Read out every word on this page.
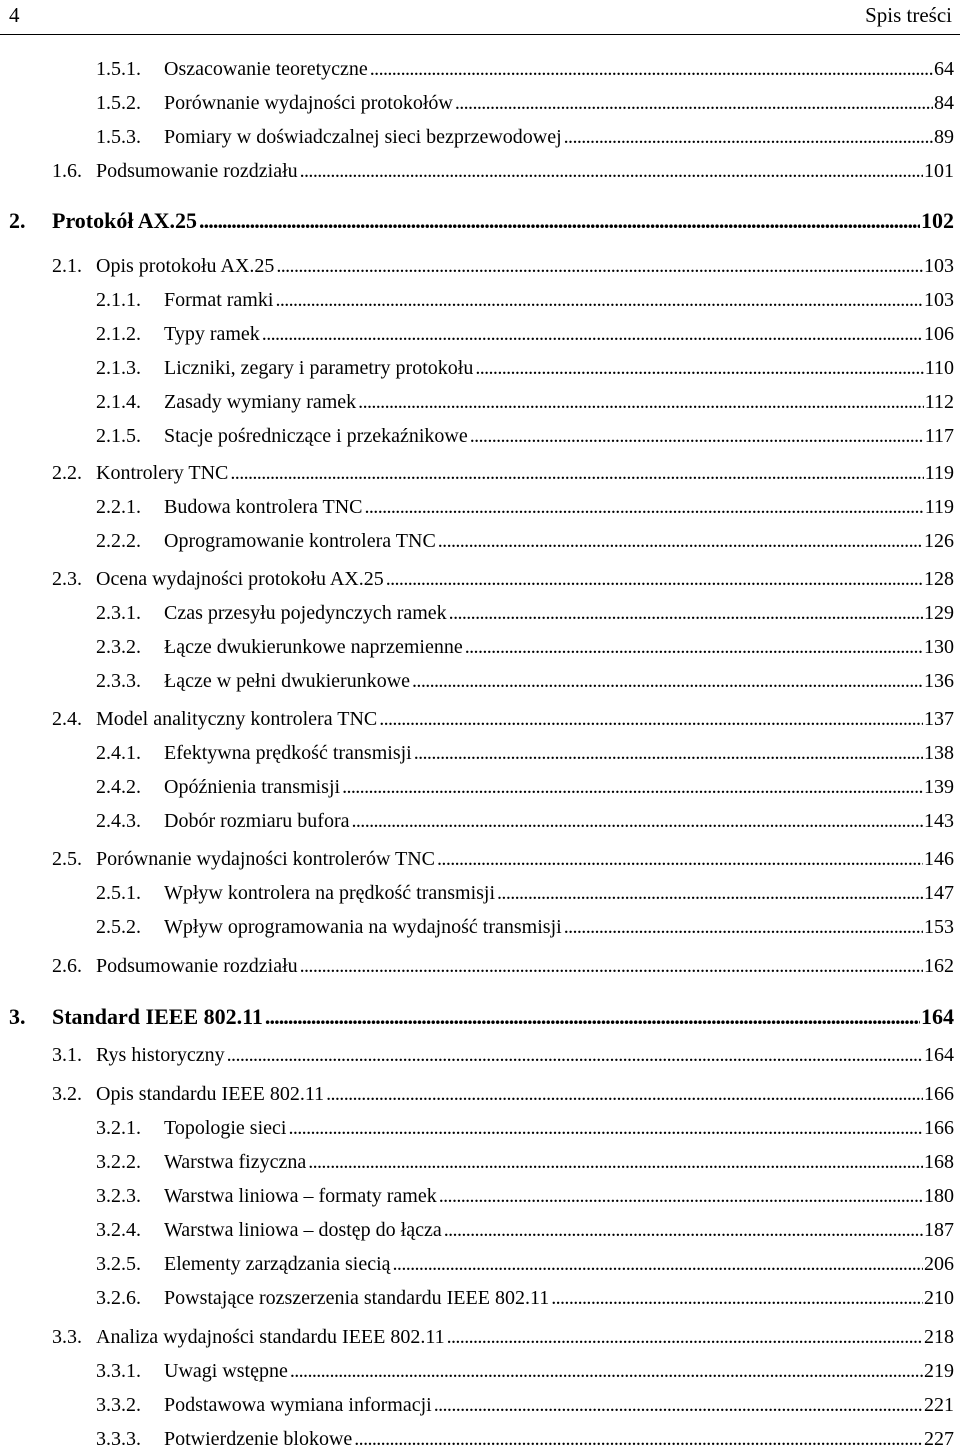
4	Spis treści
1.5.1. Oszacowanie teoretyczne . . .	64
1.5.2. Porównanie wydajności protokołów . . .	84
1.5.3. Pomiary w doświadczalnej sieci bezprzewodowej . . .	89
1.6. Podsumowanie rozdziału . . .	101
2. Protokół AX.25 . . .	102
2.1. Opis protokołu AX.25 . . .	103
2.1.1. Format ramki . . .	103
2.1.2. Typy ramek . . .	106
2.1.3. Liczniki, zegary i parametry protokołu . . .	110
2.1.4. Zasady wymiany ramek . . .	112
2.1.5. Stacje pośredniczące i przekaźnikowe . . .	117
2.2. Kontrolery TNC . . .	119
2.2.1. Budowa kontrolera TNC . . .	119
2.2.2. Oprogramowanie kontrolera TNC . . .	126
2.3. Ocena wydajności protokołu AX.25 . . .	128
2.3.1. Czas przesyłu pojedynczych ramek . . .	129
2.3.2. Łącze dwukierunkowe naprzemienne . . .	130
2.3.3. Łącze w pełni dwukierunkowe . . .	136
2.4. Model analityczny kontrolera TNC . . .	137
2.4.1. Efektywna prędkość transmisji . . .	138
2.4.2. Opóźnienia transmisji . . .	139
2.4.3. Dobór rozmiaru bufora . . .	143
2.5. Porównanie wydajności kontrolerów TNC . . .	146
2.5.1. Wpływ kontrolera na prędkość transmisji . . .	147
2.5.2. Wpływ oprogramowania na wydajność transmisji . . .	153
2.6. Podsumowanie rozdziału . . .	162
3. Standard IEEE 802.11 . . .	164
3.1. Rys historyczny . . .	164
3.2. Opis standardu IEEE 802.11 . . .	166
3.2.1. Topologie sieci . . .	166
3.2.2. Warstwa fizyczna . . .	168
3.2.3. Warstwa liniowa – formaty ramek . . .	180
3.2.4. Warstwa liniowa – dostęp do łącza . . .	187
3.2.5. Elementy zarządzania siecią . . .	206
3.2.6. Powstające rozszerzenia standardu IEEE 802.11 . . .	210
3.3. Analiza wydajności standardu IEEE 802.11 . . .	218
3.3.1. Uwagi wstępne . . .	219
3.3.2. Podstawowa wymiana informacji . . .	221
3.3.3. Potwierdzenie blokowe . . .	227
